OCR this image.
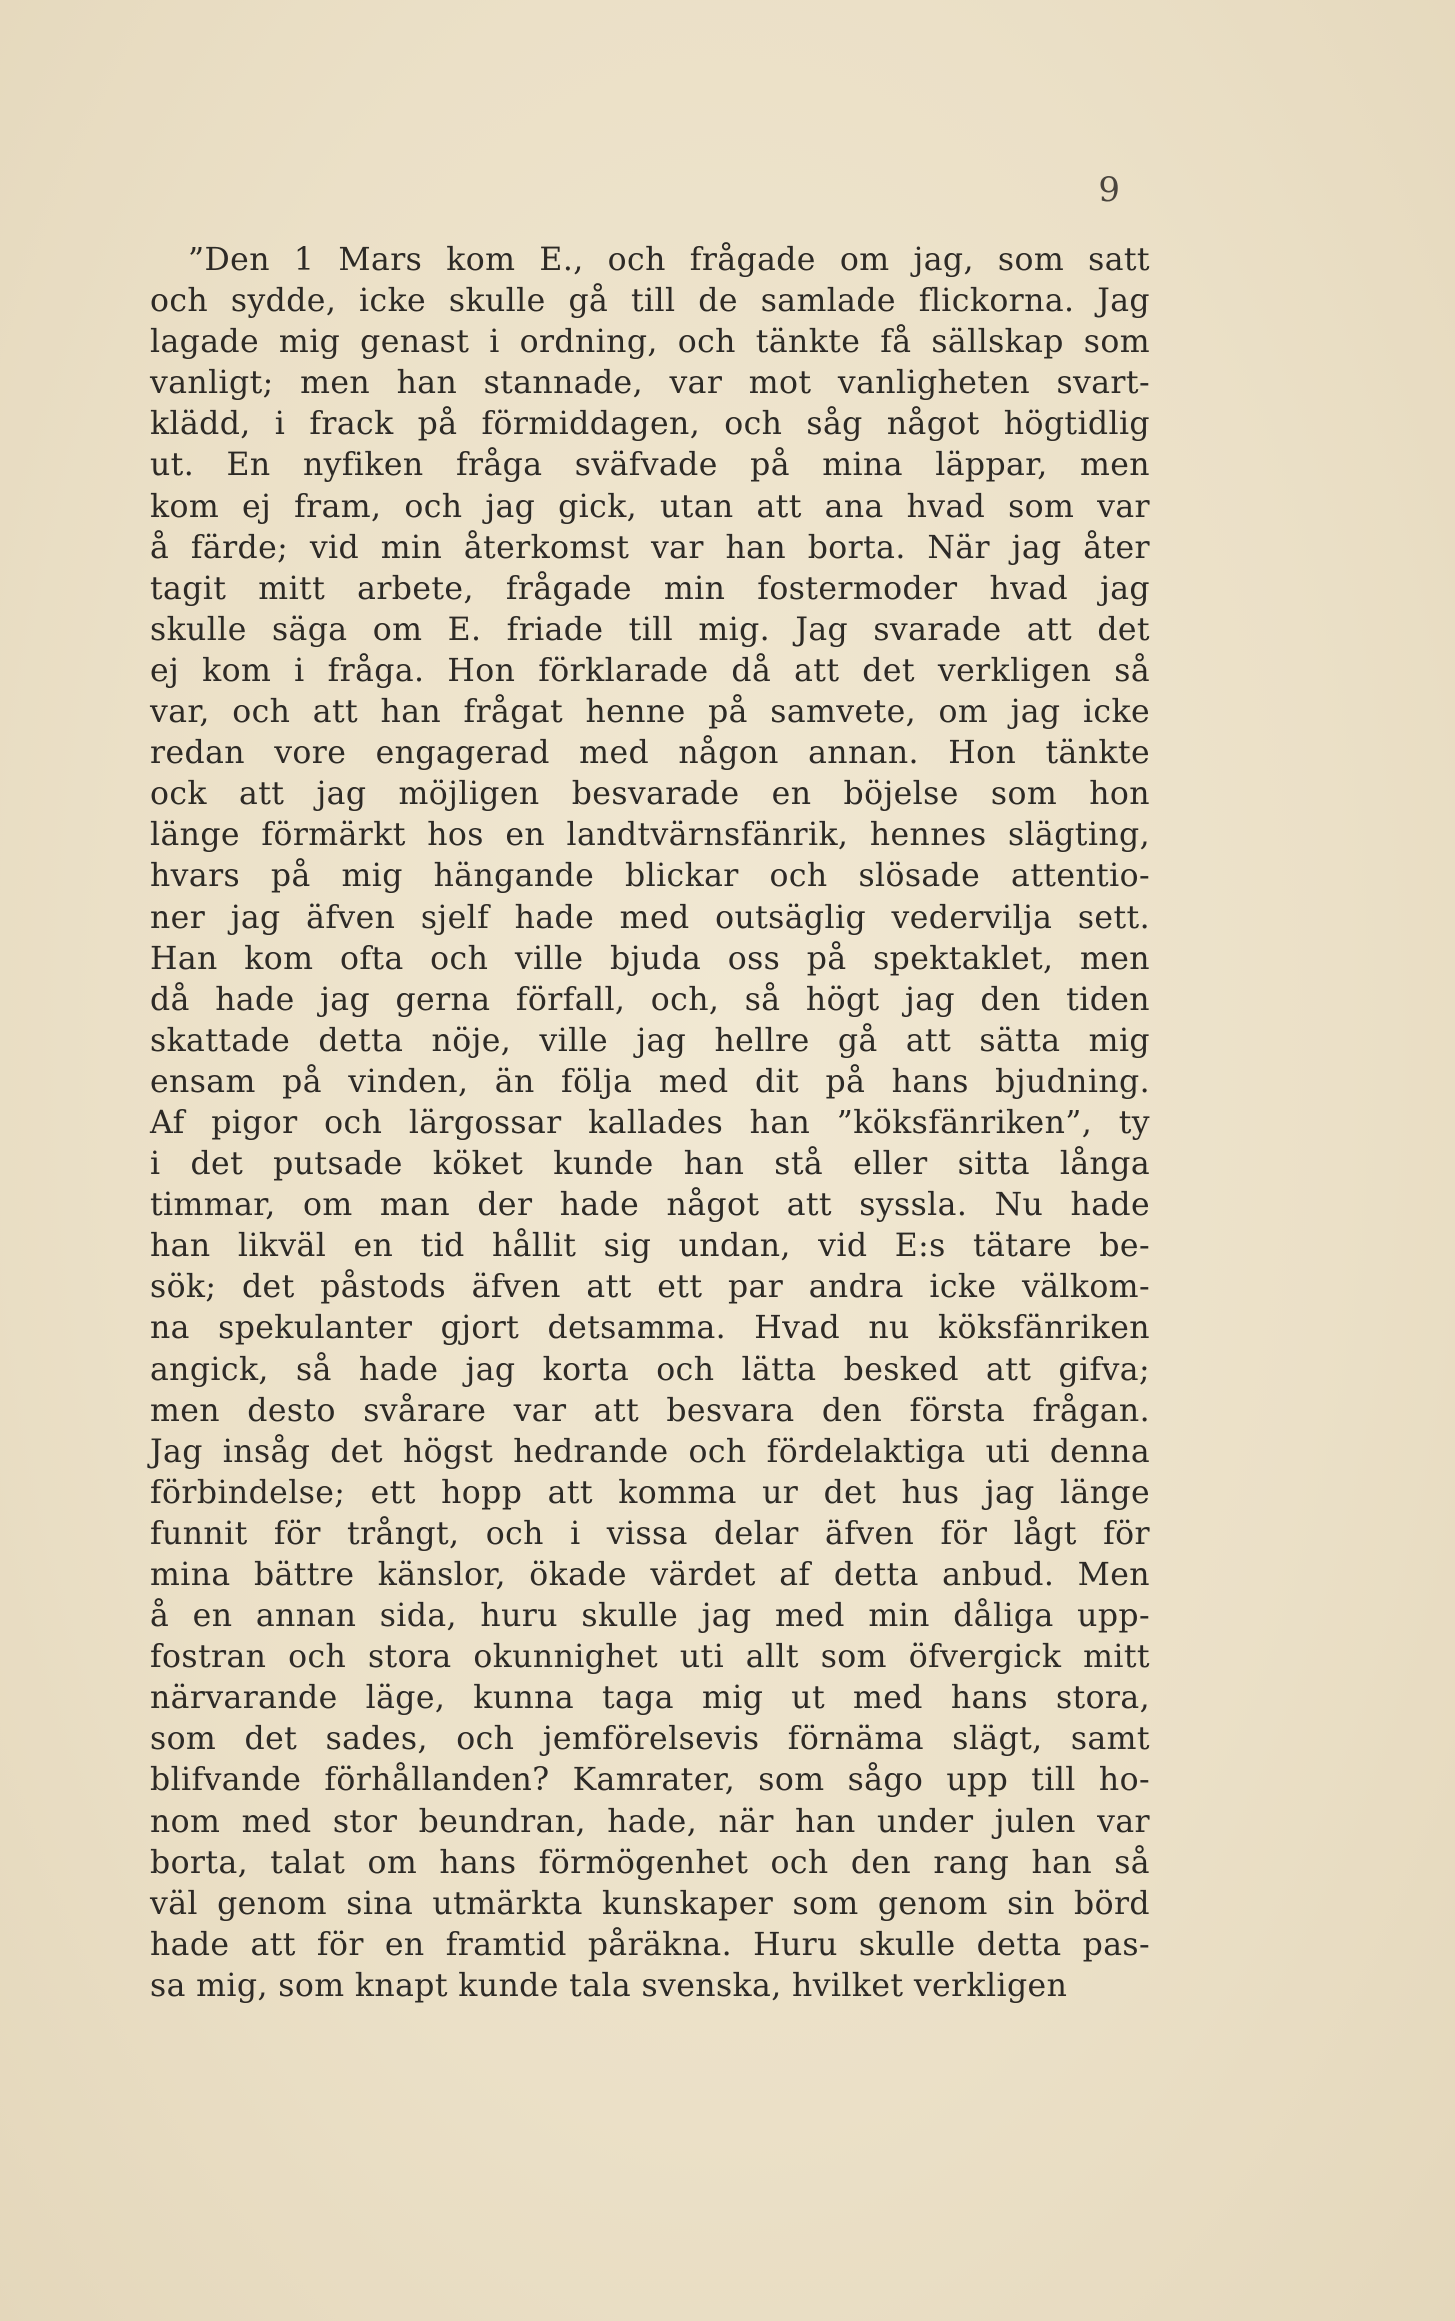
9
”Den 1 Mars kom E., och frågade om jag, som satt
och sydde, icke skulle gå till de samlade flickorna. Jag
lagade mig genast i ordning, och tänkte få sällskap som
vanligt; men han stannade, var mot vanligheten svart-
klädd, i frack på förmiddagen, och såg något högtidlig
ut. En nyfiken fråga sväfvade på mina läppar, men
kom ej fram, och jag gick, utan att ana hvad som var
å färde; vid min återkomst var han borta. När jag åter
tagit mitt arbete, frågade min fostermoder hvad jag
skulle säga om E. friade till mig. Jag svarade att det
ej kom i fråga. Hon förklarade då att det verkligen så
var, och att han frågat henne på samvete, om jag icke
redan vore engagerad med någon annan. Hon tänkte
ock att jag möjligen besvarade en böjelse som hon
länge förmärkt hos en landtvärnsfänrik, hennes slägting,
hvars på mig hängande blickar och slösade attentio-
ner jag äfven sjelf hade med outsäglig vedervilja sett.
Han kom ofta och ville bjuda oss på spektaklet, men
då hade jag gerna förfall, och, så högt jag den tiden
skattade detta nöje, ville jag hellre gå att sätta mig
ensam på vinden, än följa med dit på hans bjudning.
Af pigor och lärgossar kallades han ”köksfänriken”, ty
i det putsade köket kunde han stå eller sitta långa
timmar, om man der hade något att syssla. Nu hade
han likväl en tid hållit sig undan, vid E:s tätare be-
sök; det påstods äfven att ett par andra icke välkom-
na spekulanter gjort detsamma. Hvad nu köksfänriken
angick, så hade jag korta och lätta besked att gifva;
men desto svårare var att besvara den första frågan.
Jag insåg det högst hedrande och fördelaktiga uti denna
förbindelse; ett hopp att komma ur det hus jag länge
funnit för trångt, och i vissa delar äfven för lågt för
mina bättre känslor, ökade värdet af detta anbud. Men
å en annan sida, huru skulle jag med min dåliga upp-
fostran och stora okunnighet uti allt som öfvergick mitt
närvarande läge, kunna taga mig ut med hans stora,
som det sades, och jemförelsevis förnäma slägt, samt
blifvande förhållanden? Kamrater, som sågo upp till ho-
nom med stor beundran, hade, när han under julen var
borta, talat om hans förmögenhet och den rang han så
väl genom sina utmärkta kunskaper som genom sin börd
hade att för en framtid påräkna. Huru skulle detta pas-
sa mig, som knapt kunde tala svenska, hvilket verkligen
